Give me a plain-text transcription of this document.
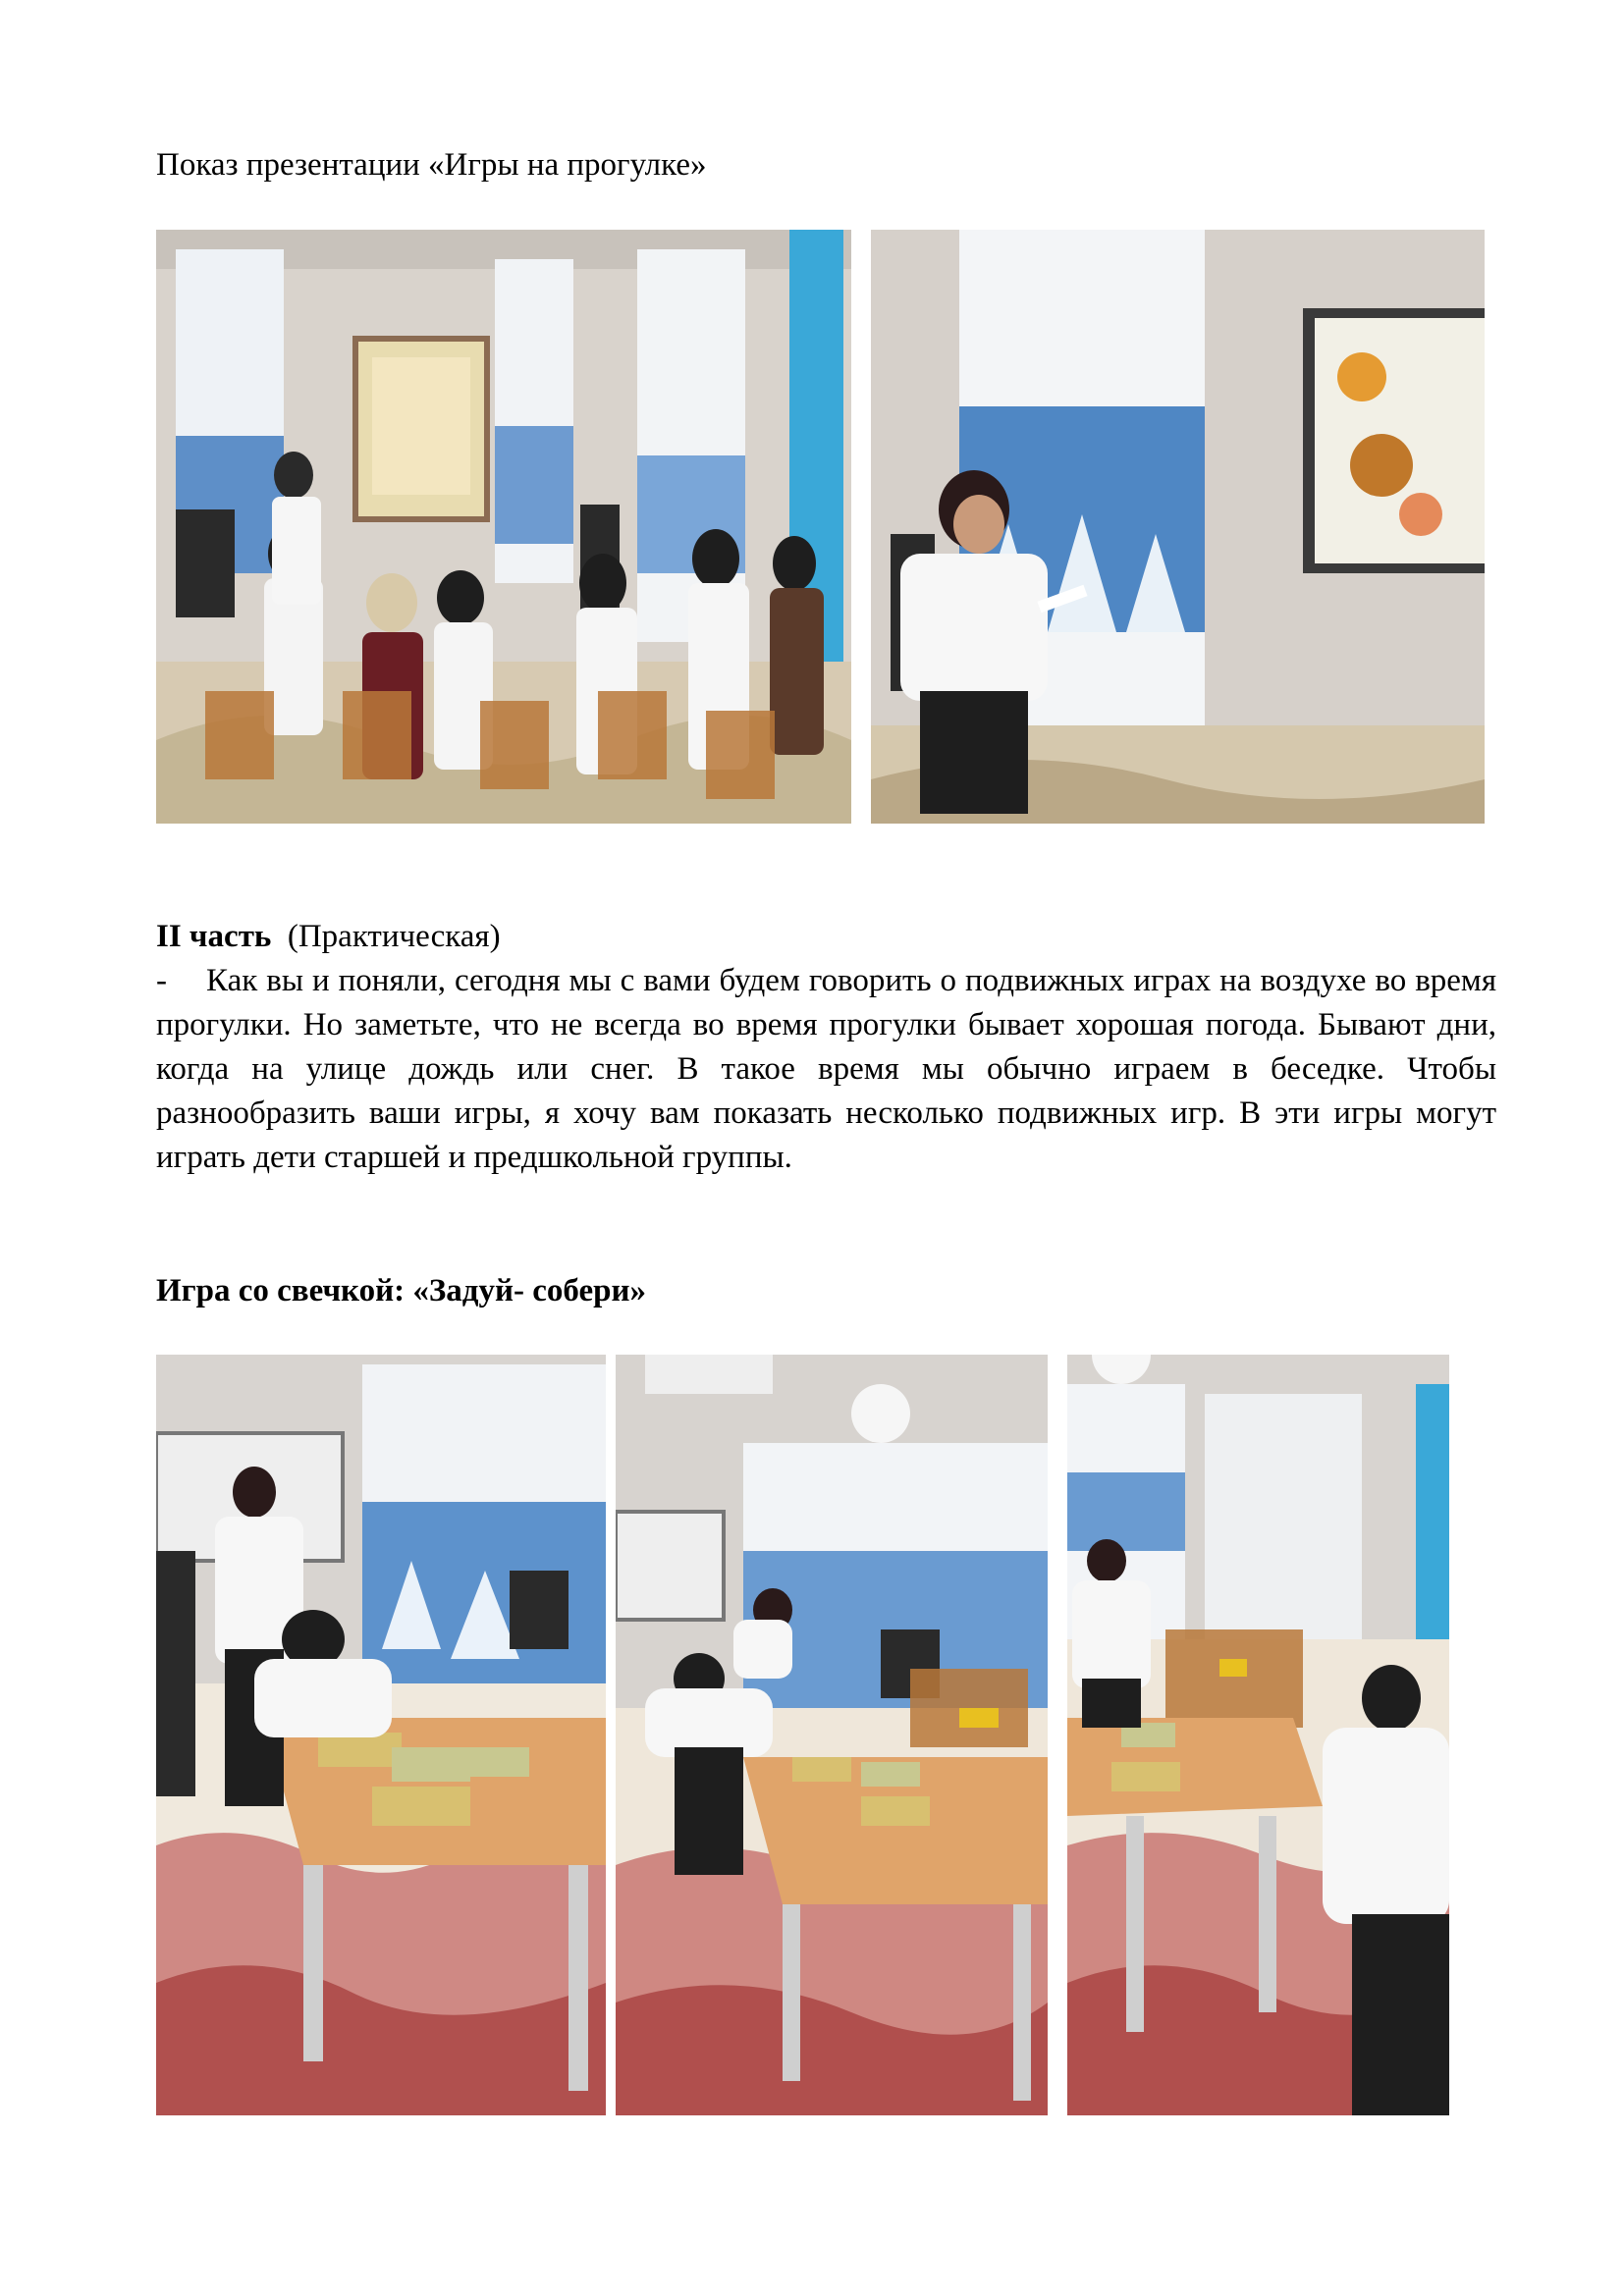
Показ презентации «Игры на прогулке»
II часть (Практическая)
- Как вы и поняли, сегодня мы с вами будем говорить о подвижных играх на воздухе во время прогулки. Но заметьте, что не всегда во время прогулки бывает хорошая погода. Бывают дни, когда на улице дождь или снег. В такое время мы обычно играем в беседке. Чтобы разнообразить ваши игры, я хочу вам показать несколько подвижных игр. В эти игры могут играть дети старшей и предшкольной группы.
Игра со свечкой: «Задуй- собери»
